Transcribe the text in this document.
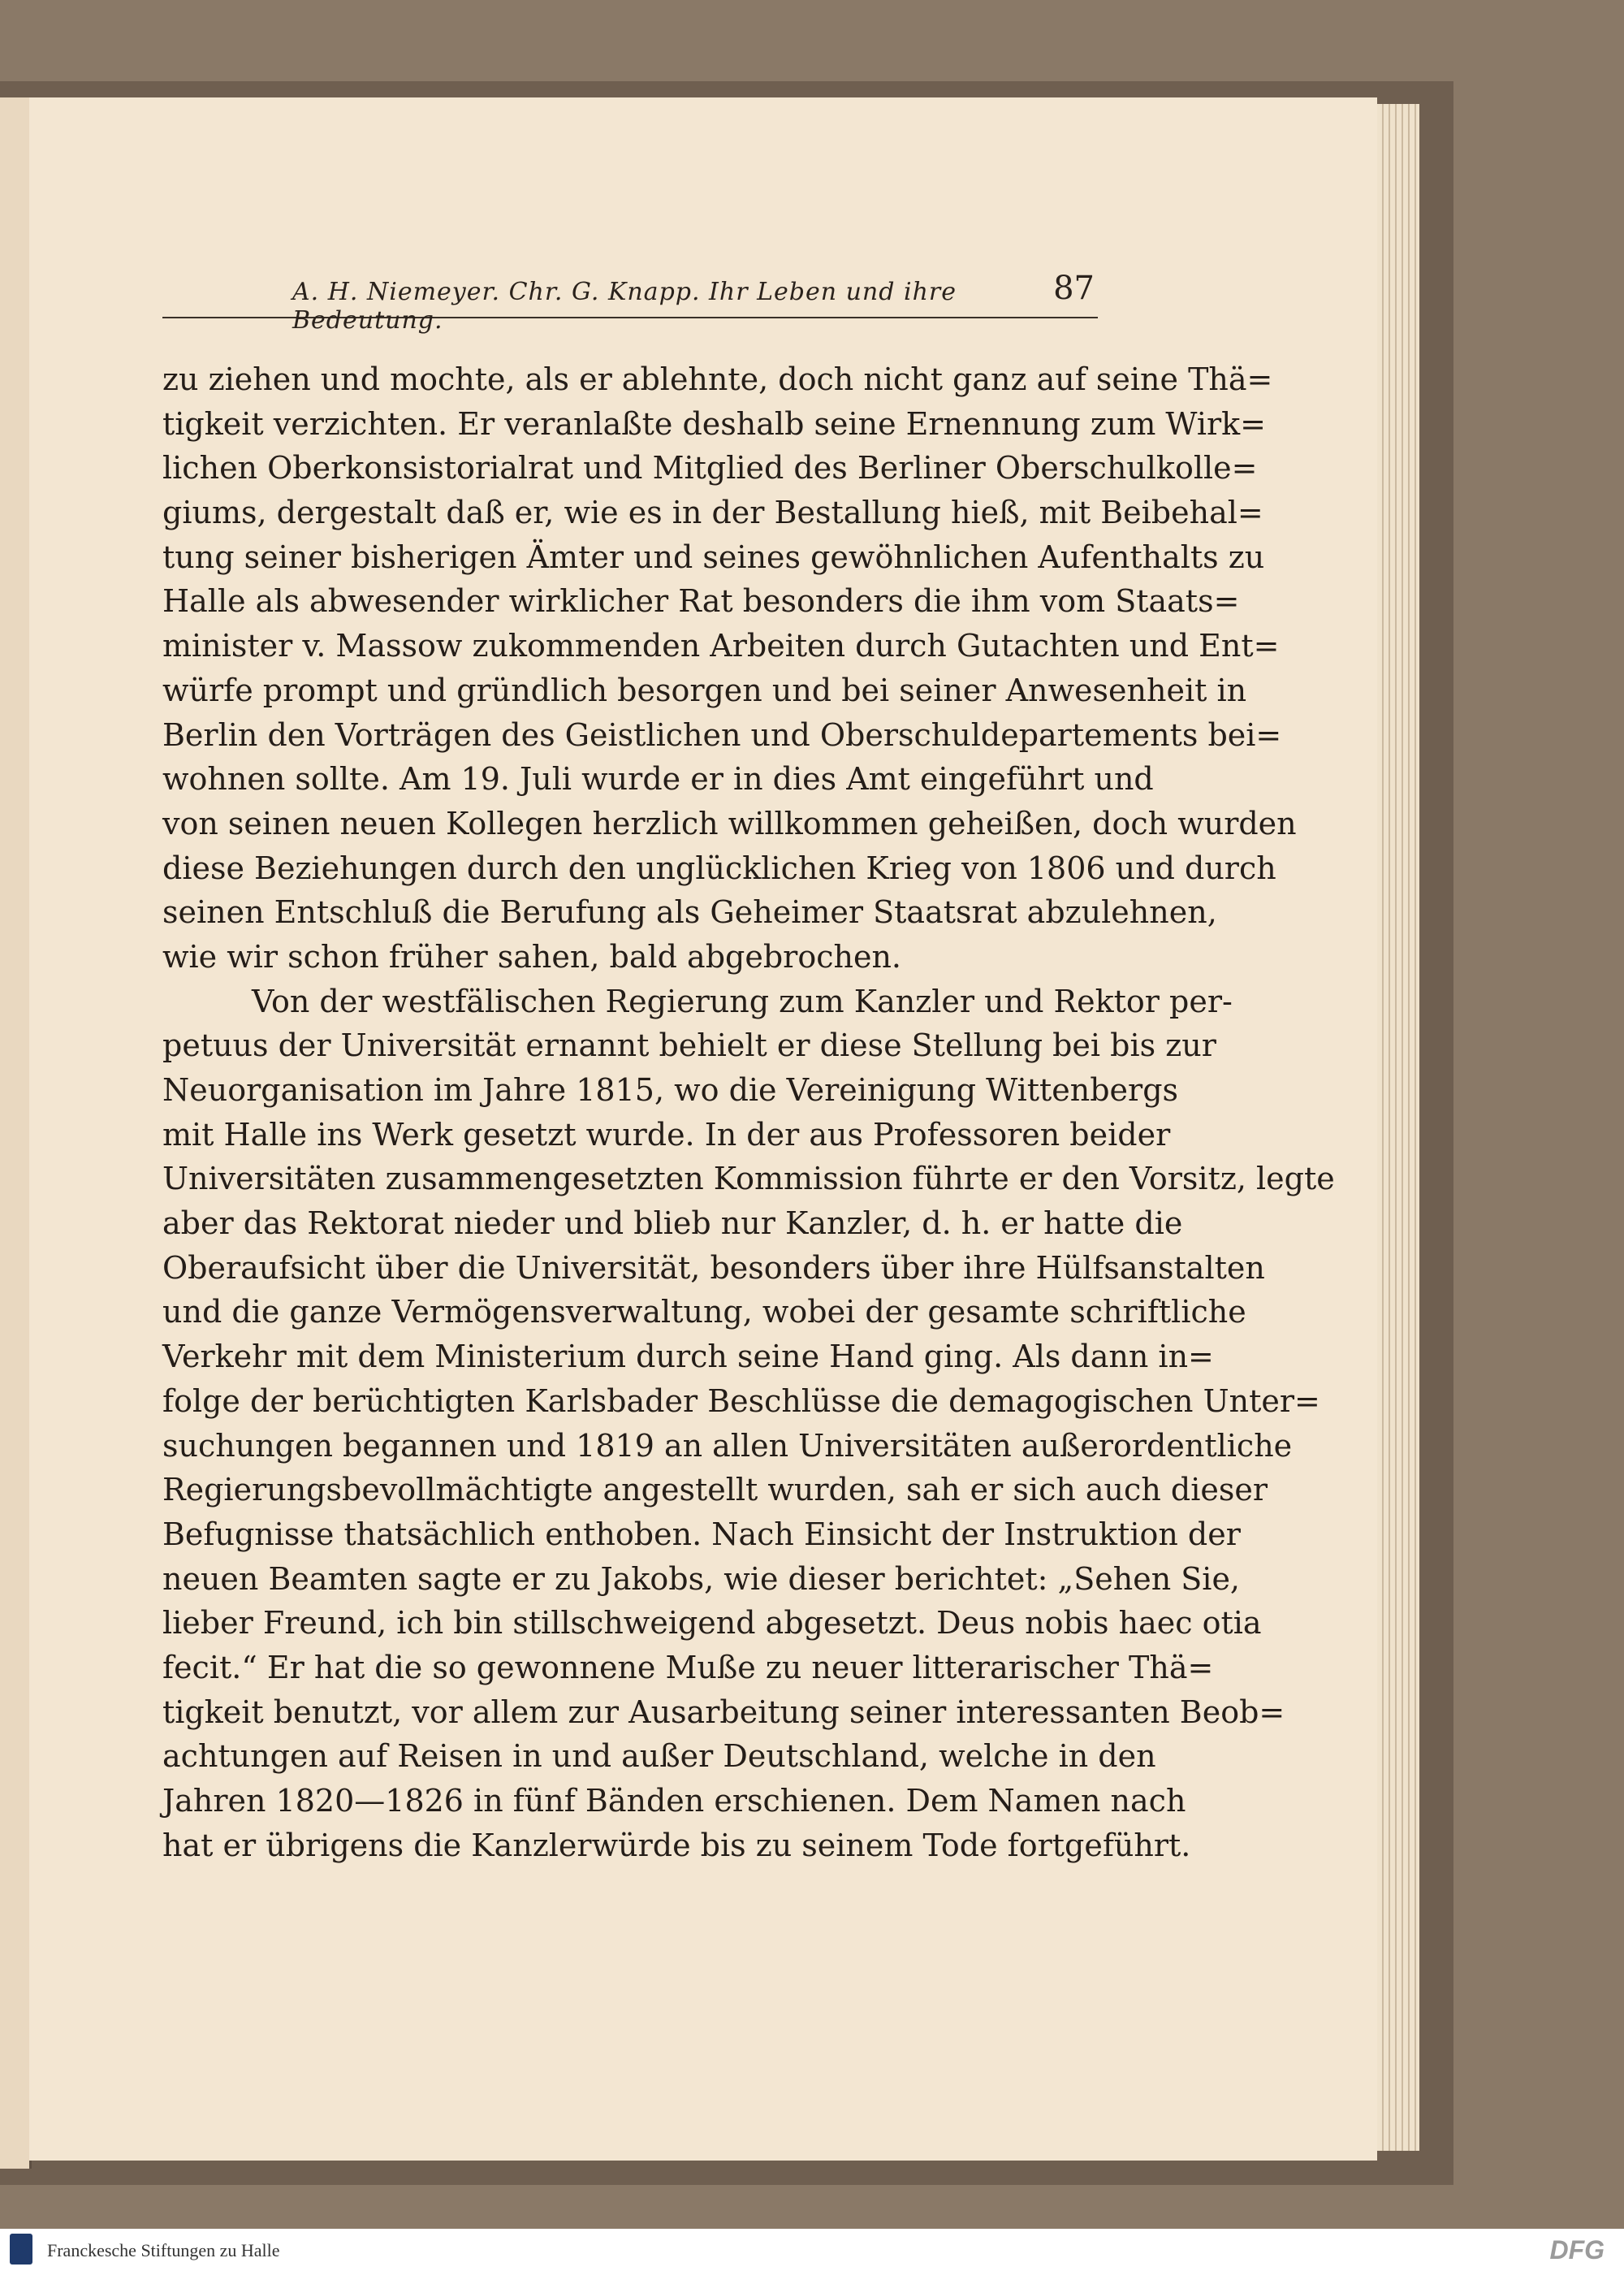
A. H. Niemeyer. Chr. G. Knapp. Ihr Leben und ihre Bedeutung.
87
zu ziehen und mochte, als er ablehnte, doch nicht ganz auf seine Thä=
tigkeit verzichten. Er veranlaßte deshalb seine Ernennung zum Wirk=
lichen Oberkonsistorialrat und Mitglied des Berliner Oberschulkolle=
giums, dergestalt daß er, wie es in der Bestallung hieß, mit Beibehal=
tung seiner bisherigen Ämter und seines gewöhnlichen Aufenthalts zu
Halle als abwesender wirklicher Rat besonders die ihm vom Staats=
minister v. Massow zukommenden Arbeiten durch Gutachten und Ent=
würfe prompt und gründlich besorgen und bei seiner Anwesenheit in
Berlin den Vorträgen des Geistlichen und Oberschuldepartements bei=
wohnen sollte. Am 19. Juli wurde er in dies Amt eingeführt und
von seinen neuen Kollegen herzlich willkommen geheißen, doch wurden
diese Beziehungen durch den unglücklichen Krieg von 1806 und durch
seinen Entschluß die Berufung als Geheimer Staatsrat abzulehnen,
wie wir schon früher sahen, bald abgebrochen.
Von der westfälischen Regierung zum Kanzler und Rektor per-
petuus der Universität ernannt behielt er diese Stellung bei bis zur
Neuorganisation im Jahre 1815, wo die Vereinigung Wittenbergs
mit Halle ins Werk gesetzt wurde. In der aus Professoren beider
Universitäten zusammengesetzten Kommission führte er den Vorsitz, legte
aber das Rektorat nieder und blieb nur Kanzler, d. h. er hatte die
Oberaufsicht über die Universität, besonders über ihre Hülfsanstalten
und die ganze Vermögensverwaltung, wobei der gesamte schriftliche
Verkehr mit dem Ministerium durch seine Hand ging. Als dann in=
folge der berüchtigten Karlsbader Beschlüsse die demagogischen Unter=
suchungen begannen und 1819 an allen Universitäten außerordentliche
Regierungsbevollmächtigte angestellt wurden, sah er sich auch dieser
Befugnisse thatsächlich enthoben. Nach Einsicht der Instruktion der
neuen Beamten sagte er zu Jakobs, wie dieser berichtet: „Sehen Sie,
lieber Freund, ich bin stillschweigend abgesetzt. Deus nobis haec otia
fecit.“ Er hat die so gewonnene Muße zu neuer litterarischer Thä=
tigkeit benutzt, vor allem zur Ausarbeitung seiner interessanten Beob=
achtungen auf Reisen in und außer Deutschland, welche in den
Jahren 1820—1826 in fünf Bänden erschienen. Dem Namen nach
hat er übrigens die Kanzlerwürde bis zu seinem Tode fortgeführt.
Franckesche Stiftungen zu Halle	DFG
